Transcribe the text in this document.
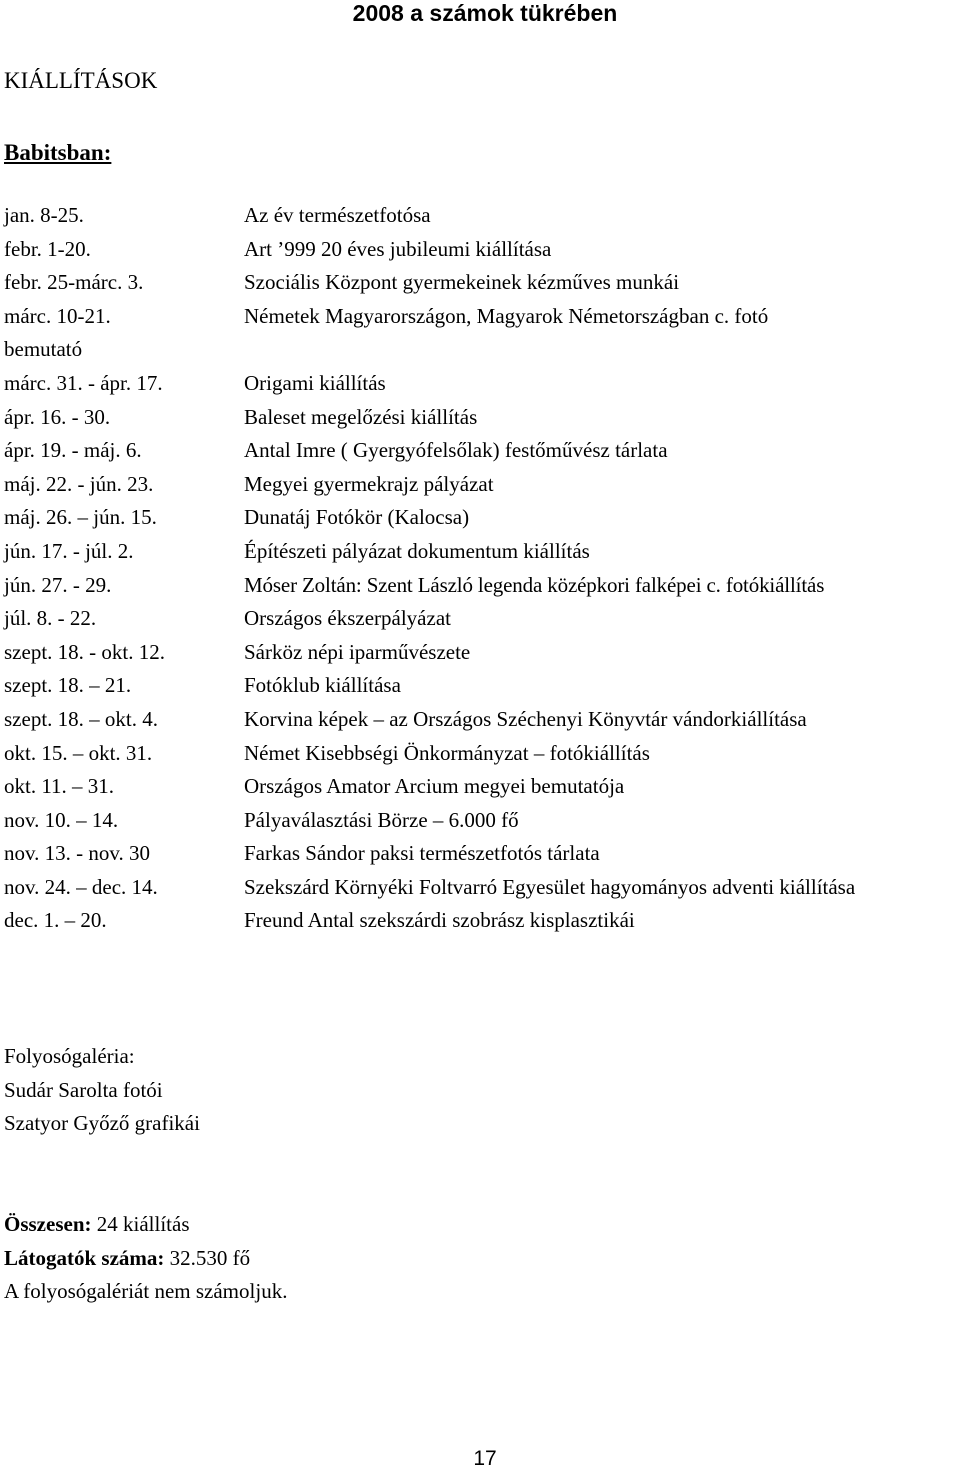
2008 a számok tükrében
KIÁLLÍTÁSOK
Babitsban:
jan. 8-25.	Az év természetfotósa
febr. 1-20.	Art ’999 20 éves jubileumi kiállítása
febr. 25-márc. 3.	Szociális Központ gyermekeinek kézműves munkái
márc. 10-21.	Németek Magyarországon, Magyarok Németországban c. fotó
bemutató
márc. 31. - ápr. 17.	Origami kiállítás
ápr. 16. - 30.	Baleset megelőzési kiállítás
ápr. 19. - máj. 6.	Antal Imre ( Gyergyófelsőlak) festőművész tárlata
máj. 22. - jún. 23.	Megyei gyermekrajz pályázat
máj. 26. – jún. 15.	Dunatáj Fotókör (Kalocsa)
jún. 17. - júl. 2.	Építészeti pályázat dokumentum kiállítás
jún. 27. - 29.	Móser Zoltán: Szent László legenda középkori falképei c. fotókiállítás
júl. 8. - 22.	Országos ékszerpályázat
szept. 18. - okt. 12.	Sárköz népi iparművészete
szept. 18. – 21.	Fotóklub kiállítása
szept. 18. – okt. 4.	Korvina képek – az Országos Széchenyi Könyvtár vándorkiállítása
okt. 15. – okt. 31.	Német Kisebbségi Önkormányzat – fotókiállítás
okt. 11. – 31.	Országos Amator Arcium megyei bemutatója
nov. 10. – 14.	Pályaválasztási Börze – 6.000 fő
nov. 13. - nov. 30	Farkas Sándor paksi természetfotós tárlata
nov. 24. – dec. 14.	Szekszárd Környéki Foltvarró Egyesület hagyományos adventi kiállítása
dec. 1. – 20.	Freund Antal szekszárdi szobrász kisplasztikái
Folyosógaléria:
Sudár Sarolta fotói
Szatyor Győző grafikái
Összesen: 24 kiállítás
Látogatók száma: 32.530 fő
A folyosógalériát nem számoljuk.
17
